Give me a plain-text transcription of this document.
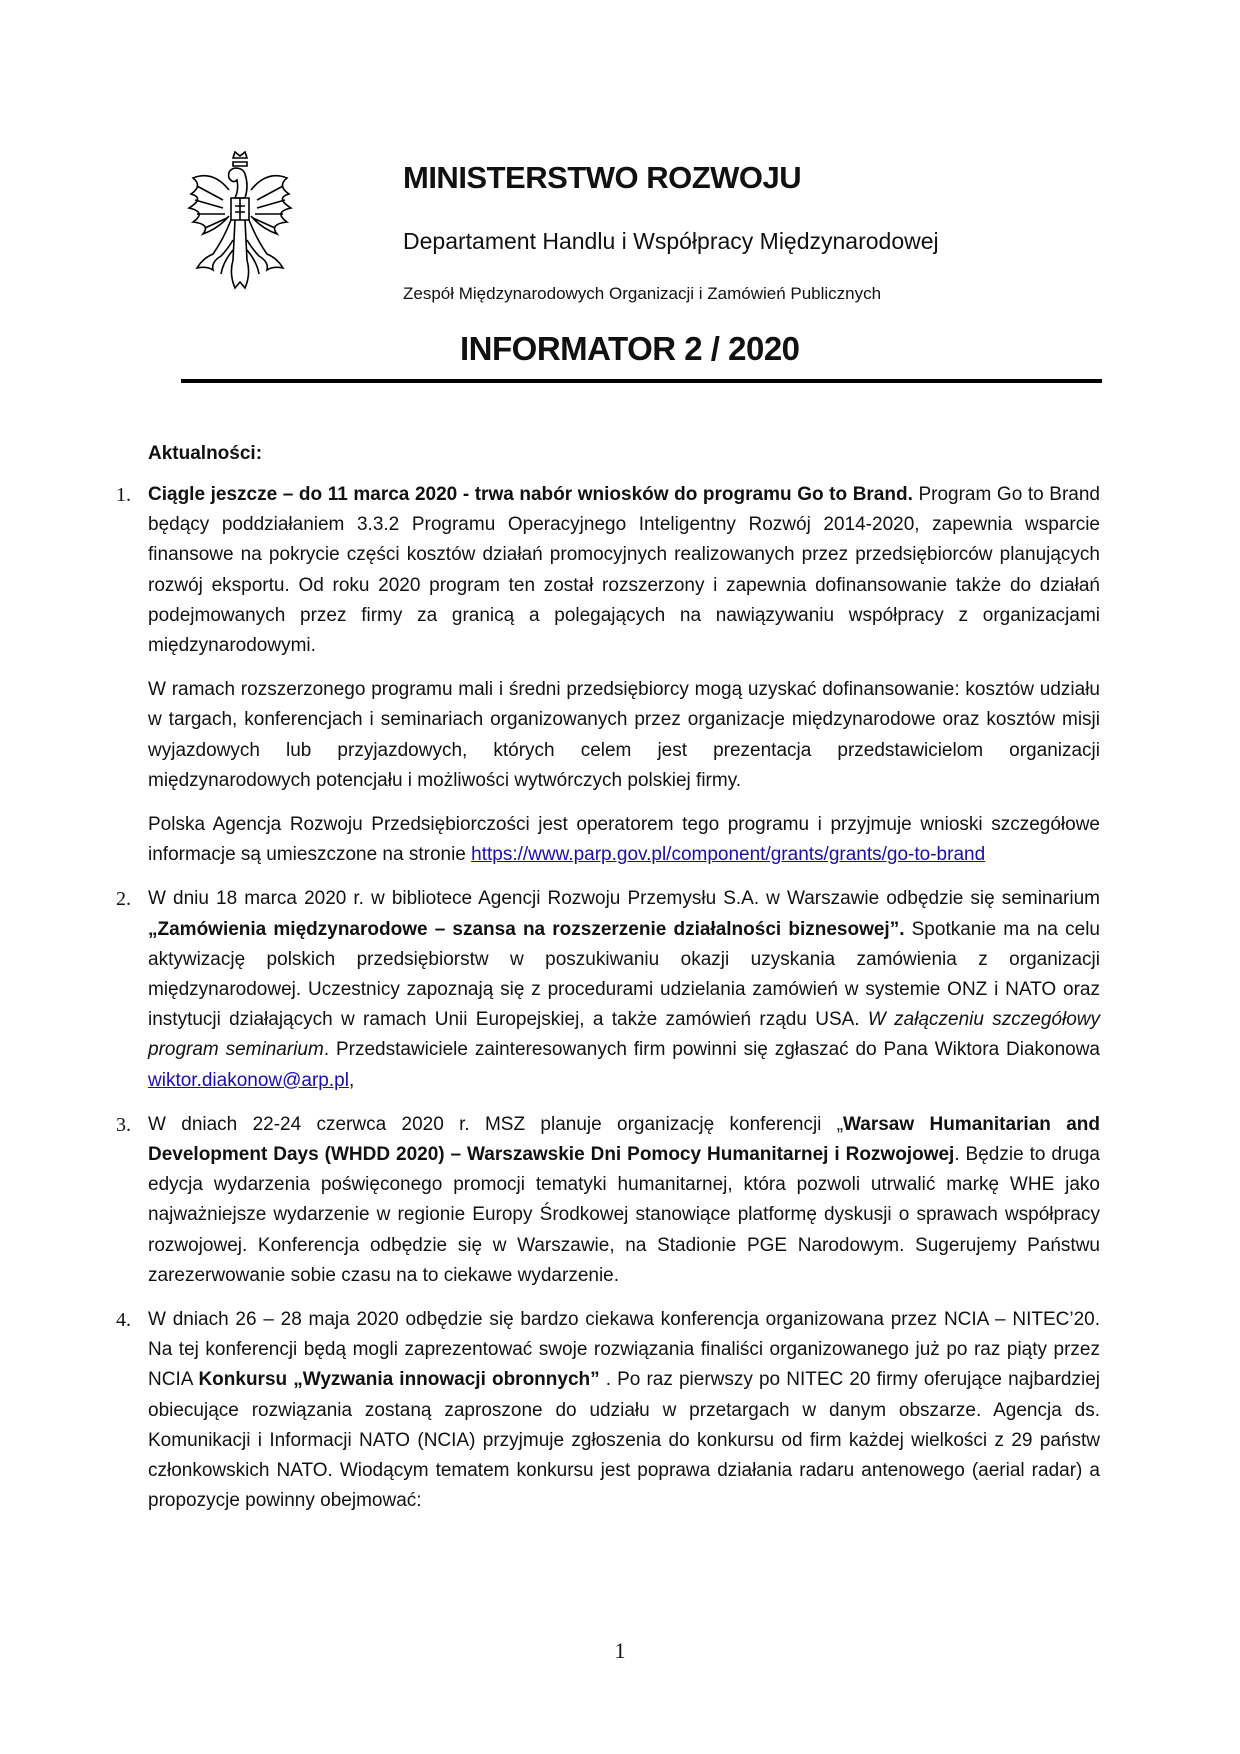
MINISTERSTWO ROZWOJU
Departament Handlu i Współpracy Międzynarodowej
Zespół Międzynarodowych Organizacji i Zamówień Publicznych
INFORMATOR 2 / 2020
Aktualności:
1. Ciągle jeszcze – do 11 marca 2020 - trwa nabór wniosków do programu Go to Brand. Program Go to Brand będący poddziałaniem 3.3.2 Programu Operacyjnego Inteligentny Rozwój 2014-2020, zapewnia wsparcie finansowe na pokrycie części kosztów działań promocyjnych realizowanych przez przedsiębiorców planujących rozwój eksportu. Od roku 2020 program ten został rozszerzony i zapewnia dofinansowanie także do działań podejmowanych przez firmy za granicą a polegających na nawiązywaniu współpracy z organizacjami międzynarodowymi.

W ramach rozszerzonego programu mali i średni przedsiębiorcy mogą uzyskać dofinansowanie: kosztów udziału w targach, konferencjach i seminariach organizowanych przez organizacje międzynarodowe oraz kosztów misji wyjazdowych lub przyjazdowych, których celem jest prezentacja przedstawicielom organizacji międzynarodowych potencjału i możliwości wytwórczych polskiej firmy.

Polska Agencja Rozwoju Przedsiębiorczości jest operatorem tego programu i przyjmuje wnioski szczegółowe informacje są umieszczone na stronie https://www.parp.gov.pl/component/grants/grants/go-to-brand

2. W dniu 18 marca 2020 r. w bibliotece Agencji Rozwoju Przemysłu S.A. w Warszawie odbędzie się seminarium „Zamówienia międzynarodowe – szansa na rozszerzenie działalności biznesowej”. Spotkanie ma na celu aktywizację polskich przedsiębiorstw w poszukiwaniu okazji uzyskania zamówienia z organizacji międzynarodowej. Uczestnicy zapoznają się z procedurami udzielania zamówień w systemie ONZ i NATO oraz instytucji działających w ramach Unii Europejskiej, a także zamówień rządu USA. W załączeniu szczegółowy program seminarium. Przedstawiciele zainteresowanych firm powinni się zgłaszać do Pana Wiktora Diakonowa wiktor.diakonow@arp.pl,

3. W dniach 22-24 czerwca 2020 r. MSZ planuje organizację konferencji „Warsaw Humanitarian and Development Days (WHDD 2020) – Warszawskie Dni Pomocy Humanitarnej i Rozwojowej. Będzie to druga edycja wydarzenia poświęconego promocji tematyki humanitarnej, która pozwoli utrwalić markę WHE jako najważniejsze wydarzenie w regionie Europy Środkowej stanowiące platformę dyskusji o sprawach współpracy rozwojowej. Konferencja odbędzie się w Warszawie, na Stadionie PGE Narodowym. Sugerujemy Państwu zarezerwowanie sobie czasu na to ciekawe wydarzenie.

4. W dniach 26 – 28 maja 2020 odbędzie się bardzo ciekawa konferencja organizowana przez NCIA – NITEC’20. Na tej konferencji będą mogli zaprezentować swoje rozwiązania finaliści organizowanego już po raz piąty przez NCIA Konkursu „Wyzwania innowacji obronnych” . Po raz pierwszy po NITEC 20 firmy oferujące najbardziej obiecujące rozwiązania zostaną zaproszone do udziału w przetargach w danym obszarze. Agencja ds. Komunikacji i Informacji NATO (NCIA) przyjmuje zgłoszenia do konkursu od firm każdej wielkości z 29 państw członkowskich NATO. Wiodącym tematem konkursu jest poprawa działania radaru antenowego (aerial radar) a propozycje powinny obejmować:

1
